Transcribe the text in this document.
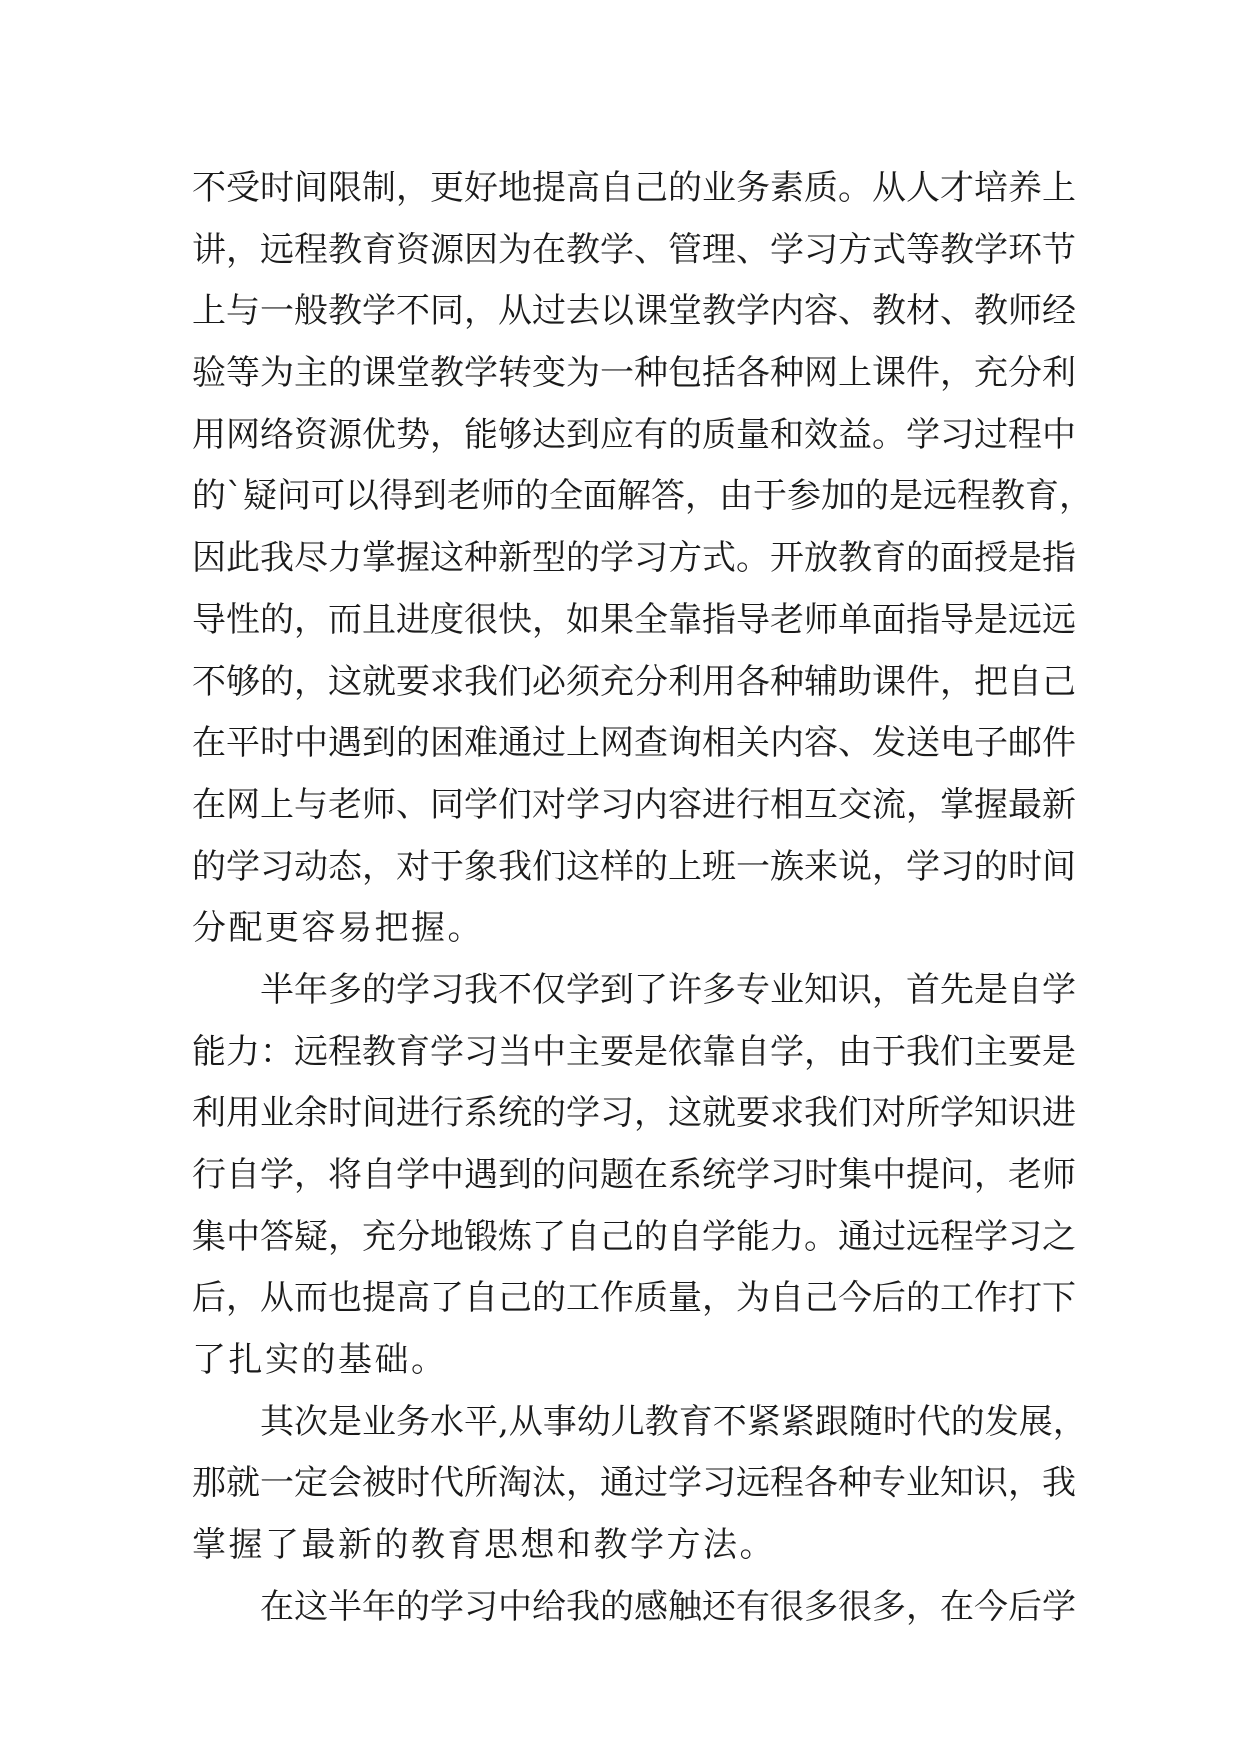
不受时间限制，更好地提高自己的业务素质。从人才培养上
讲，远程教育资源因为在教学、管理、学习方式等教学环节
上与一般教学不同，从过去以课堂教学内容、教材、教师经
验等为主的课堂教学转变为一种包括各种网上课件，充分利
用网络资源优势，能够达到应有的质量和效益。学习过程中
的`疑问可以得到老师的全面解答，由于参加的是远程教育，
因此我尽力掌握这种新型的学习方式。开放教育的面授是指
导性的，而且进度很快，如果全靠指导老师单面指导是远远
不够的，这就要求我们必须充分利用各种辅助课件，把自己
在平时中遇到的困难通过上网查询相关内容、发送电子邮件
在网上与老师、同学们对学习内容进行相互交流，掌握最新
的学习动态，对于象我们这样的上班一族来说，学习的时间
分配更容易把握。
半年多的学习我不仅学到了许多专业知识，首先是自学
能力：远程教育学习当中主要是依靠自学，由于我们主要是
利用业余时间进行系统的学习，这就要求我们对所学知识进
行自学，将自学中遇到的问题在系统学习时集中提问，老师
集中答疑，充分地锻炼了自己的自学能力。通过远程学习之
后，从而也提高了自己的工作质量，为自己今后的工作打下
了扎实的基础。
其次是业务水平,从事幼儿教育不紧紧跟随时代的发展，
那就一定会被时代所淘汰，通过学习远程各种专业知识，我
掌握了最新的教育思想和教学方法。
在这半年的学习中给我的感触还有很多很多，在今后学
